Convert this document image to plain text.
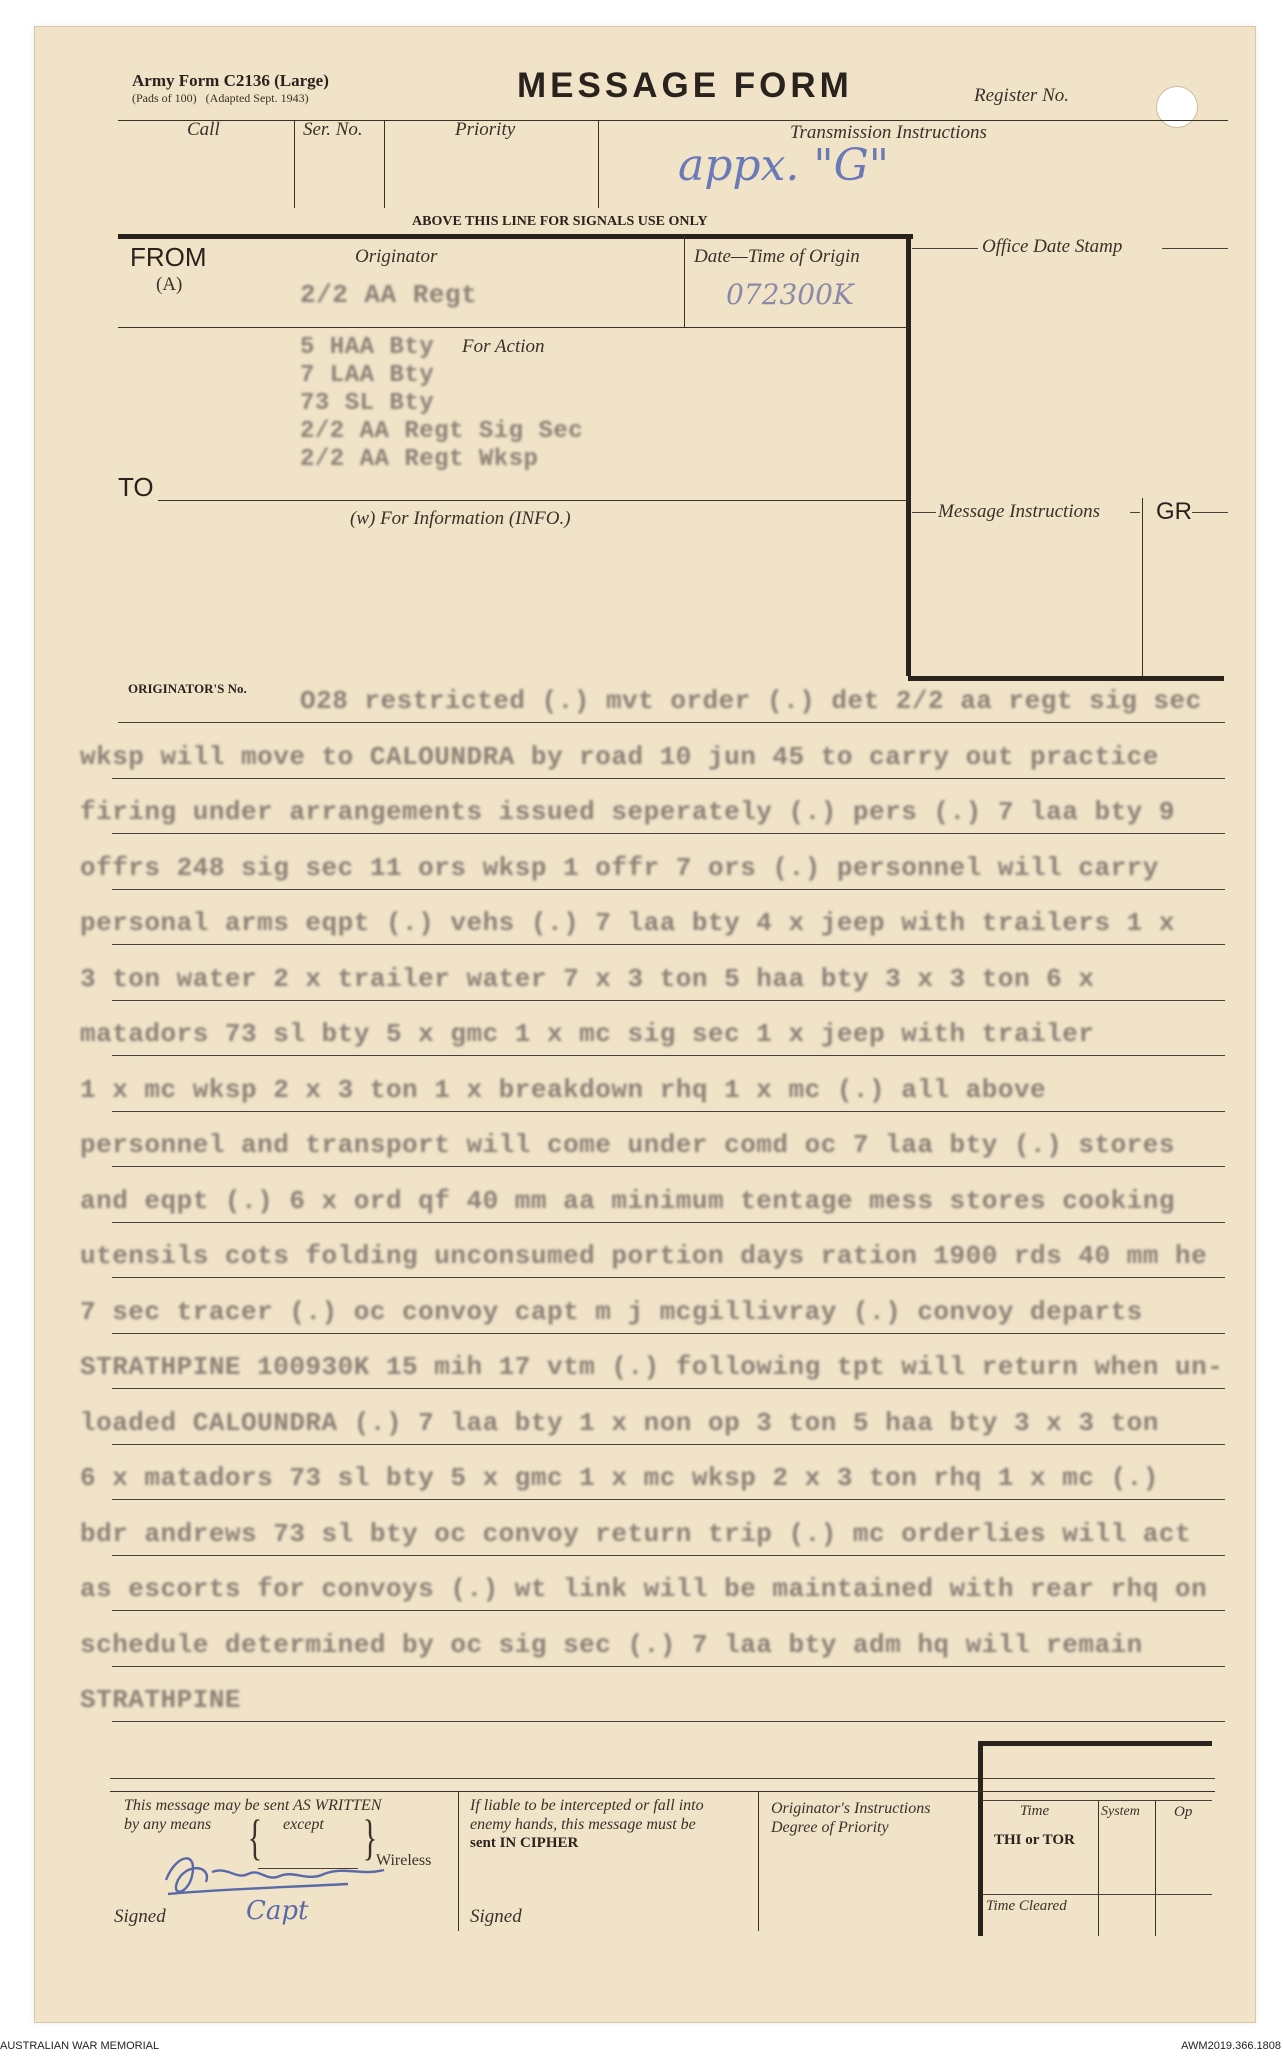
Army Form C2136 (Large)
(Pads of 100)   (Adapted Sept. 1943)	MESSAGE FORM	Register No.
Call	Ser. No.	Priority	Transmission Instructions
appx. "G"
ABOVE THIS LINE FOR SIGNALS USE ONLY
FROM
(A)
Originator
2/2 AA Regt
Date—Time of Origin
072300K
Office Date Stamp
5 HAA Bty
7 LAA Bty
73 SL Bty
2/2 AA Regt Sig Sec
2/2 AA Regt Wksp
For Action
TO
(w) For Information (INFO.)	Message Instructions GR
ORIGINATOR'S No. O28 restricted (.) mvt order (.) det 2/2 aa regt sig sec
wksp will move to CALOUNDRA by road 10 jun 45 to carry out practice
firing under arrangements issued seperately (.) pers (.) 7 laa bty 9
offrs 248 sig sec 11 ors wksp 1 offr 7 ors (.) personnel will carry
personal arms eqpt (.) vehs (.) 7 laa bty 4 x jeep with trailers 1 x
3 ton water 2 x trailer water 7 x 3 ton 5 haa bty 3 x 3 ton 6 x
matadors 73 sl bty 5 x gmc 1 x mc sig sec 1 x jeep with trailer
1 x mc wksp 2 x 3 ton 1 x breakdown rhq 1 x mc (.) all above
personnel and transport will come under comd oc 7 laa bty (.) stores
and eqpt (.) 6 x ord qf 40 mm aa minimum tentage mess stores cooking
utensils cots folding unconsumed portion days ration 1900 rds 40 mm he
7 sec tracer (.) oc convoy capt m j mcgillivray (.) convoy departs
STRATHPINE 100930K 15 mih 17 vtm (.) following tpt will return when un-
loaded CALOUNDRA (.) 7 laa bty 1 x non op 3 ton 5 haa bty 3 x 3 ton
6 x matadors 73 sl bty 5 x gmc 1 x mc wksp 2 x 3 ton rhq 1 x mc (.)
bdr andrews 73 sl bty oc convoy return trip (.) mc orderlies will act
as escorts for convoys (.) wt link will be maintained with rear rhq on
schedule determined by oc sig sec (.) 7 laa bty adm hq will remain
STRATHPINE
This message may be sent AS WRITTEN
by any means { except }
Wireless
Signed	Capt
If liable to be intercepted or fall into
enemy hands, this message must be
sent IN CIPHER
Signed
Originator's Instructions
Degree of Priority
Time	System Op
THI or TOR
Time Cleared
AUSTRALIAN WAR MEMORIAL	AWM2019.366.1808
